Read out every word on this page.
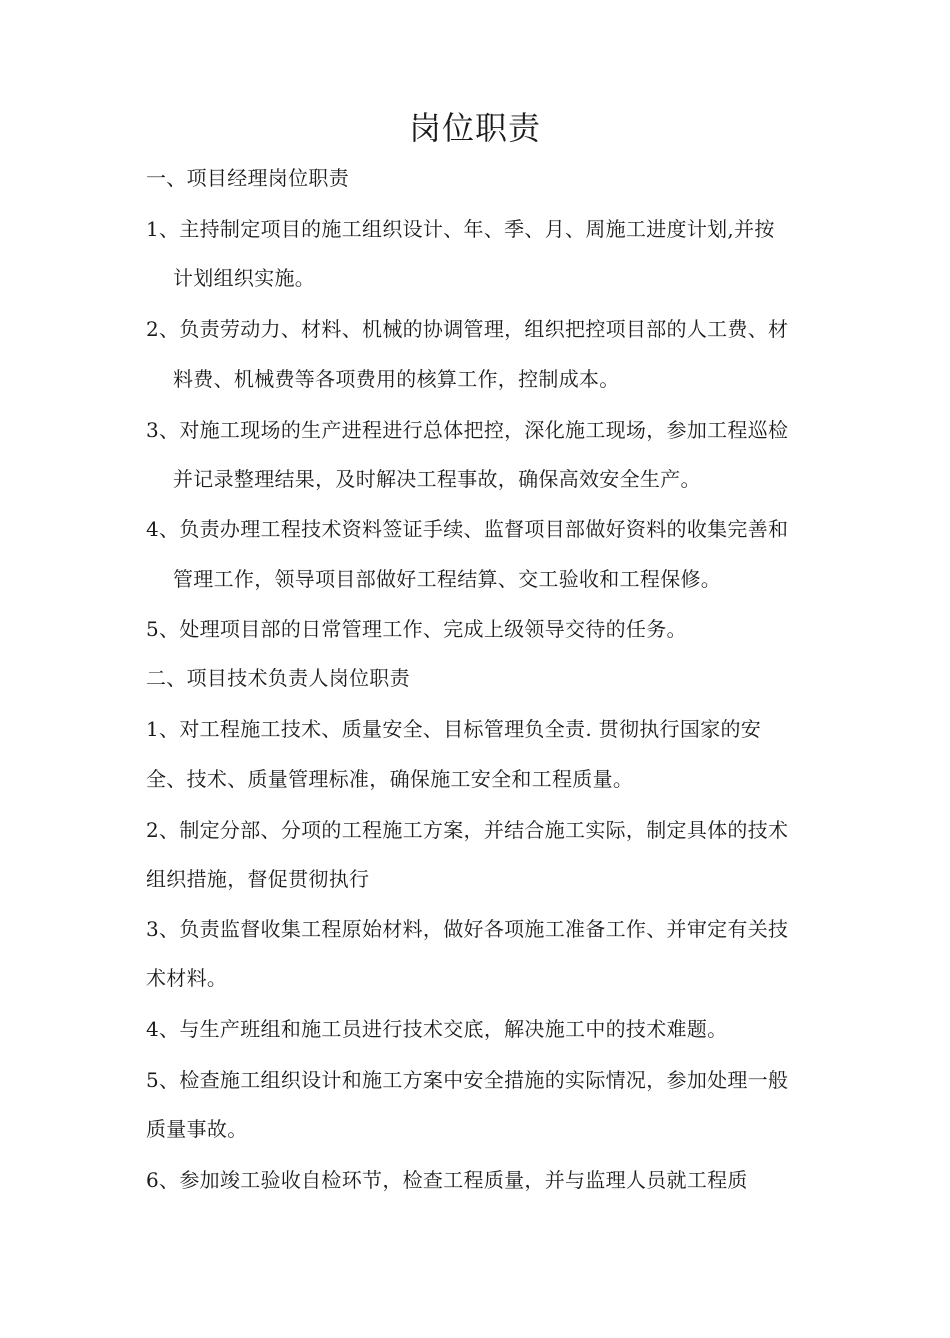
岗位职责
一、项目经理岗位职责
1、主持制定项目的施工组织设计、年、季、月、周施工进度计划,并按
计划组织实施。
2、负责劳动力、材料、机械的协调管理，组织把控项目部的人工费、材
料费、机械费等各项费用的核算工作，控制成本。
3、对施工现场的生产进程进行总体把控，深化施工现场，参加工程巡检
并记录整理结果，及时解决工程事故，确保高效安全生产。
4、负责办理工程技术资料签证手续、监督项目部做好资料的收集完善和
管理工作，领导项目部做好工程结算、交工验收和工程保修。
5、处理项目部的日常管理工作、完成上级领导交待的任务。
二、项目技术负责人岗位职责
1、对工程施工技术、质量安全、目标管理负全责. 贯彻执行国家的安
全、技术、质量管理标准，确保施工安全和工程质量。
2、制定分部、分项的工程施工方案，并结合施工实际，制定具体的技术
组织措施，督促贯彻执行
3、负责监督收集工程原始材料，做好各项施工准备工作、并审定有关技
术材料。
4、与生产班组和施工员进行技术交底，解决施工中的技术难题。
5、检查施工组织设计和施工方案中安全措施的实际情况，参加处理一般
质量事故。
6、参加竣工验收自检环节，检查工程质量，并与监理人员就工程质
